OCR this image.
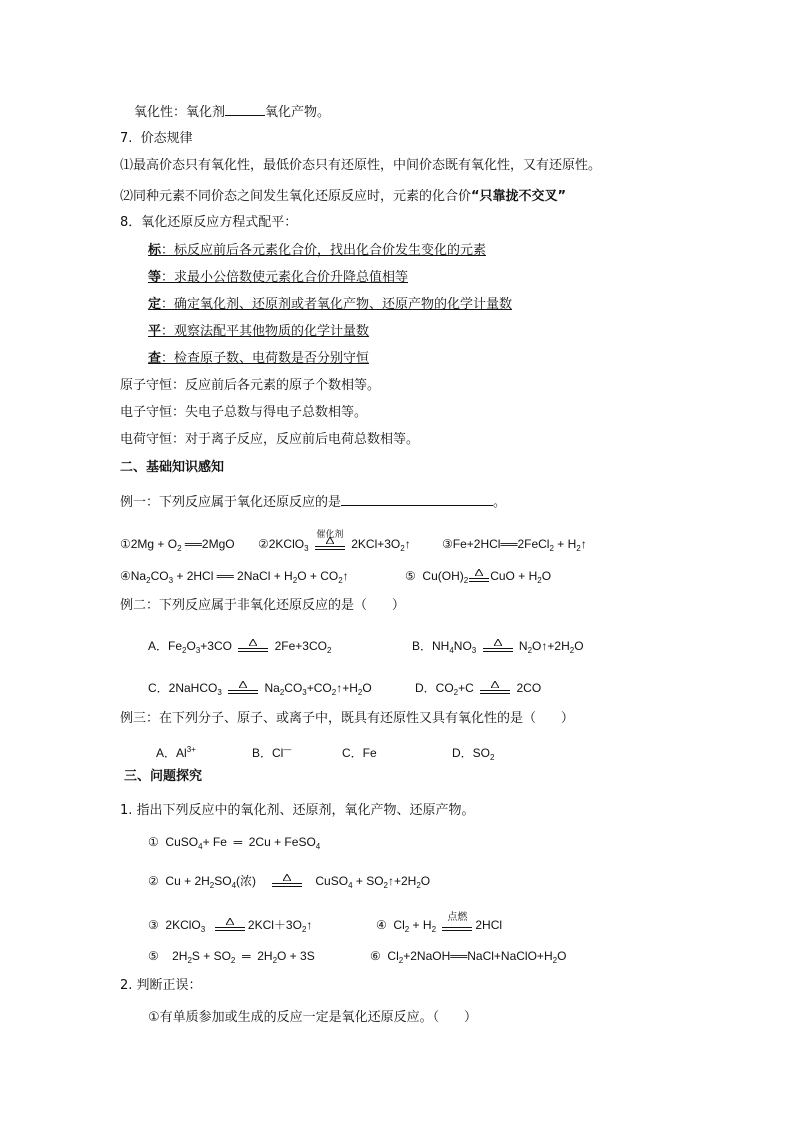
氧化性：氧化剂	氧化产物。
7. 价态规律
⑴最高价态只有氧化性，最低价态只有还原性，中间价态既有氧化性，又有还原性。
⑵同种元素不同价态之间发生氧化还原反应时，元素的化合价“只靠拢不交叉”
8．氧化还原反应方程式配平：
标：标反应前后各元素化合价，找出化合价发生变化的元素
等：求最小公倍数使元素化合价升降总值相等
定：确定氧化剂、还原剂或者氧化产物、还原产物的化学计量数
平：观察法配平其他物质的化学计量数
查：检查原子数、电荷数是否分别守恒
原子守恒：反应前后各元素的原子个数相等。
电子守恒：失电子总数与得电子总数相等。
电荷守恒：对于离子反应，反应前后电荷总数相等。
二、基础知识感知
例一：下列反应属于氧化还原反应的是	。
①2Mg + $O_2$ ══2MgO ②2KClO$_3$
催化剂
$2KCl+3O_2↑$	③Fe+2HCl══2FeCl$_2$ + $H_2↑$
$④Na_2CO_3 + 2HCl$ ══ 2NaCl + $H_2O$ + $CO_2↑$	⑤  $Cu(OH)_2$ CuO + $H_2O$
例二：下列反应属于非氧化还原反应的是（ ）
A．$Fe_2O_3+3CO$	$2Fe+3CO_2$	B．$NH_4NO_3$	$N_2O↑+2H_2O$
C．2NaHCO$_3$	$Na_2CO_3+CO_2↑+H_2O$	D．$CO_2+C$	2CO
例三：在下列分子、原子、或离子中，既具有还原性又具有氧化性的是（ ）
A．$Al^{3+}$	B．Cl—	C．Fe	D．$SO_2$
三、问题探究
1. 指出下列反应中的氧化剂、还原剂，氧化产物、还原产物。
①  CuSO$_4$+ Fe  ═  2Cu + FeSO$_4$
②  $Cu + 2H_2SO_4$(浓)	CuSO$_4$ + $SO_2↑+2H_2O$
③  2KClO$_3$	$2KCl+3O_2↑$	④  $Cl_2 + H_2$
点燃
2HCl
⑤    $2H_2S + SO_2$  ═  $2H_2O + 3S$	⑥  $Cl_2+2NaOH══NaCl+NaClO+H_2O$
2. 判断正误：
①有单质参加或生成的反应一定是氧化还原反应。（ ）
